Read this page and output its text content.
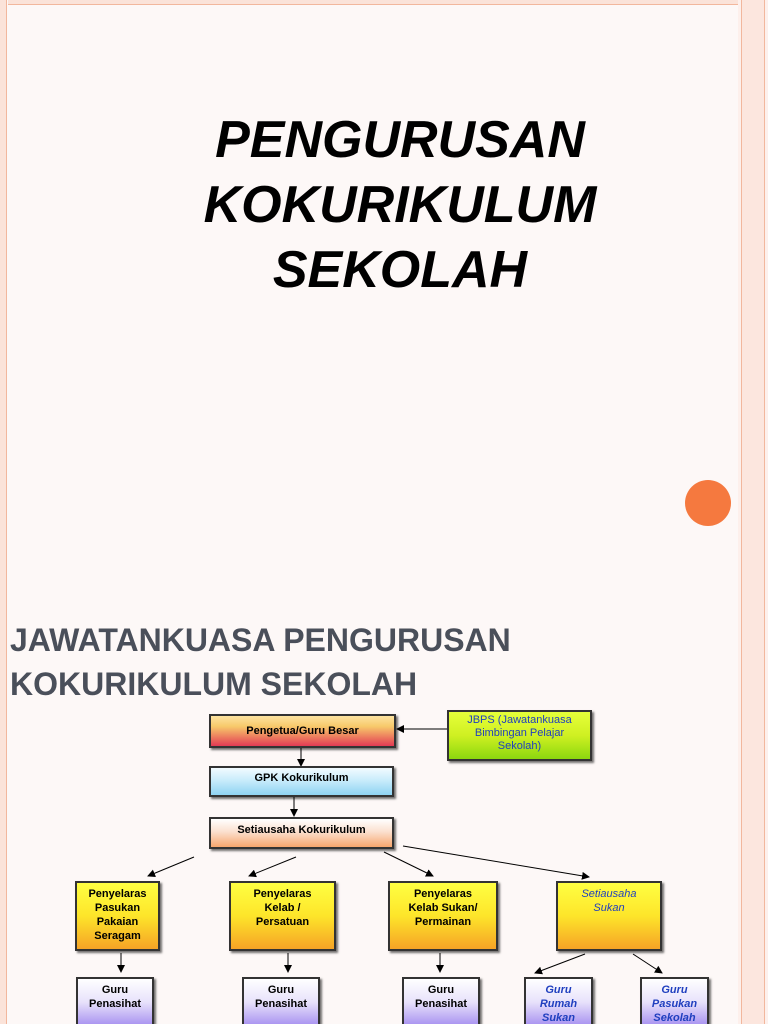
PENGURUSAN
KOKURIKULUM
SEKOLAH
JAWATANKUASA PENGURUSAN
KOKURIKULUM SEKOLAH
Pengetua/Guru Besar
JBPS (Jawatankuasa
Bimbingan Pelajar
Sekolah)
GPK Kokurikulum
Setiausaha Kokurikulum
Penyelaras
Pasukan
Pakaian
Seragam
Penyelaras
Kelab /
Persatuan
Penyelaras
Kelab Sukan/
Permainan
Setiausaha
Sukan
Guru
Penasihat
Guru
Penasihat
Guru
Penasihat
Guru
Rumah
Sukan
Guru
Pasukan
Sekolah
